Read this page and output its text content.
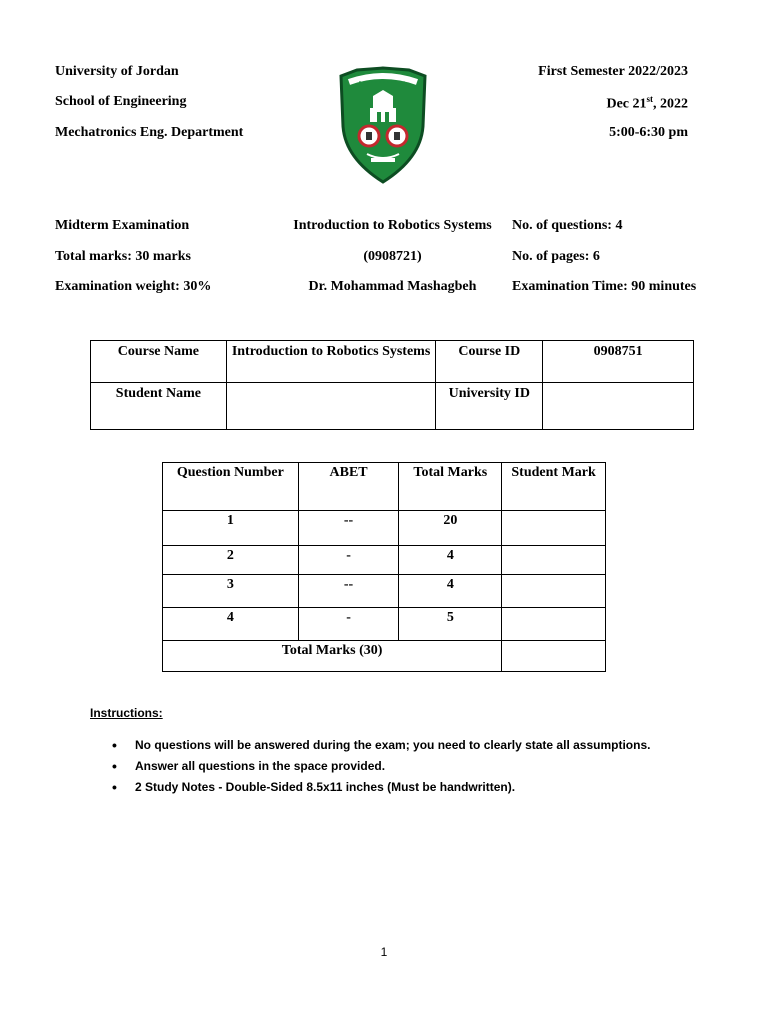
University of Jordan
School of Engineering
Mechatronics Eng. Department
First Semester 2022/2023
Dec 21st, 2022
5:00-6:30 pm
Midterm Examination
Total marks: 30 marks
Examination weight: 30%
Introduction to Robotics Systems
(0908721)
Dr. Mohammad Mashagbeh
No. of questions: 4
No. of pages: 6
Examination Time: 90 minutes
Course Name	Introduction to Robotics Systems	Course ID	0908751
Student Name		University ID	
Question Number	ABET	Total Marks	Student Mark
1	--	20	
2	-	4	
3	--	4	
4	-	5	
Total Marks (30)			
Instructions:
• No questions will be answered during the exam; you need to clearly state all assumptions.
• Answer all questions in the space provided.
• 2 Study Notes - Double-Sided 8.5x11 inches (Must be handwritten).
1
